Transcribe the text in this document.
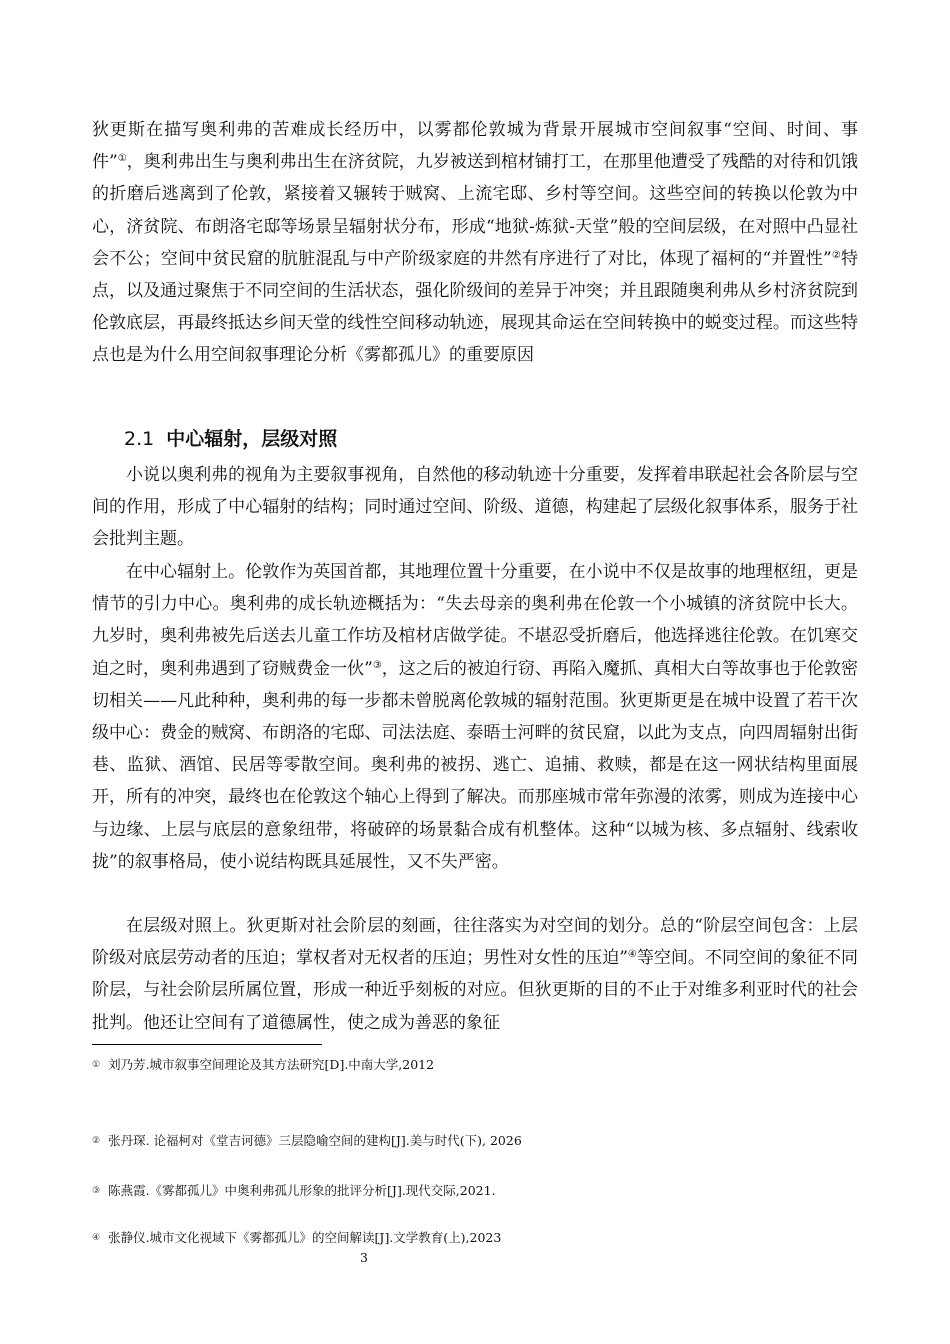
狄更斯在描写奥利弗的苦难成长经历中，以雾都伦敦城为背景开展城市空间叙事“空间、时间、事件”①，奥利弗出生与奥利弗出生在济贫院，九岁被送到棺材铺打工，在那里他遭受了残酷的对待和饥饿的折磨后逃离到了伦敦，紧接着又辗转于贼窝、上流宅邸、乡村等空间。这些空间的转换以伦敦为中心，济贫院、布朗洛宅邸等场景呈辐射状分布，形成“地狱-炼狱-天堂”般的空间层级，在对照中凸显社会不公；空间中贫民窟的肮脏混乱与中产阶级家庭的井然有序进行了对比，体现了福柯的“并置性”②特点，以及通过聚焦于不同空间的生活状态，强化阶级间的差异于冲突；并且跟随奥利弗从乡村济贫院到伦敦底层，再最终抵达乡间天堂的线性空间移动轨迹，展现其命运在空间转换中的蜕变过程。而这些特点也是为什么用空间叙事理论分析《雾都孤儿》的重要原因

2.1 中心辐射，层级对照

小说以奥利弗的视角为主要叙事视角，自然他的移动轨迹十分重要，发挥着串联起社会各阶层与空间的作用，形成了中心辐射的结构；同时通过空间、阶级、道德，构建起了层级化叙事体系，服务于社会批判主题。

在中心辐射上。伦敦作为英国首都，其地理位置十分重要，在小说中不仅是故事的地理枢纽，更是情节的引力中心。奥利弗的成长轨迹概括为：“失去母亲的奥利弗在伦敦一个小城镇的济贫院中长大。九岁时，奥利弗被先后送去儿童工作坊及棺材店做学徒。不堪忍受折磨后，他选择逃往伦敦。在饥寒交迫之时，奥利弗遇到了窃贼费金一伙”③，这之后的被迫行窃、再陷入魔抓、真相大白等故事也于伦敦密切相关——凡此种种，奥利弗的每一步都未曾脱离伦敦城的辐射范围。狄更斯更是在城中设置了若干次级中心：费金的贼窝、布朗洛的宅邸、司法法庭、泰晤士河畔的贫民窟，以此为支点，向四周辐射出街巷、监狱、酒馆、民居等零散空间。奥利弗的被拐、逃亡、追捕、救赎，都是在这一网状结构里面展开，所有的冲突，最终也在伦敦这个轴心上得到了解决。而那座城市常年弥漫的浓雾，则成为连接中心与边缘、上层与底层的意象纽带，将破碎的场景黏合成有机整体。这种“以城为核、多点辐射、线索收拢”的叙事格局，使小说结构既具延展性，又不失严密。

在层级对照上。狄更斯对社会阶层的刻画，往往落实为对空间的划分。总的“阶层空间包含：上层阶级对底层劳动者的压迫；掌权者对无权者的压迫；男性对女性的压迫”④等空间。不同空间的象征不同阶层，与社会阶层所属位置，形成一种近乎刻板的对应。但狄更斯的目的不止于对维多利亚时代的社会批判。他还让空间有了道德属性，使之成为善恶的象征

① 刘乃芳.城市叙事空间理论及其方法研究[D].中南大学,2012

② 张丹琛. 论福柯对《堂吉诃德》三层隐喻空间的建构[J].美与时代(下), 2026

③ 陈燕霞.《雾都孤儿》中奥利弗孤儿形象的批评分析[J].现代交际,2021.

④ 张静仪.城市文化视域下《雾都孤儿》的空间解读[J].文学教育(上),2023

3
